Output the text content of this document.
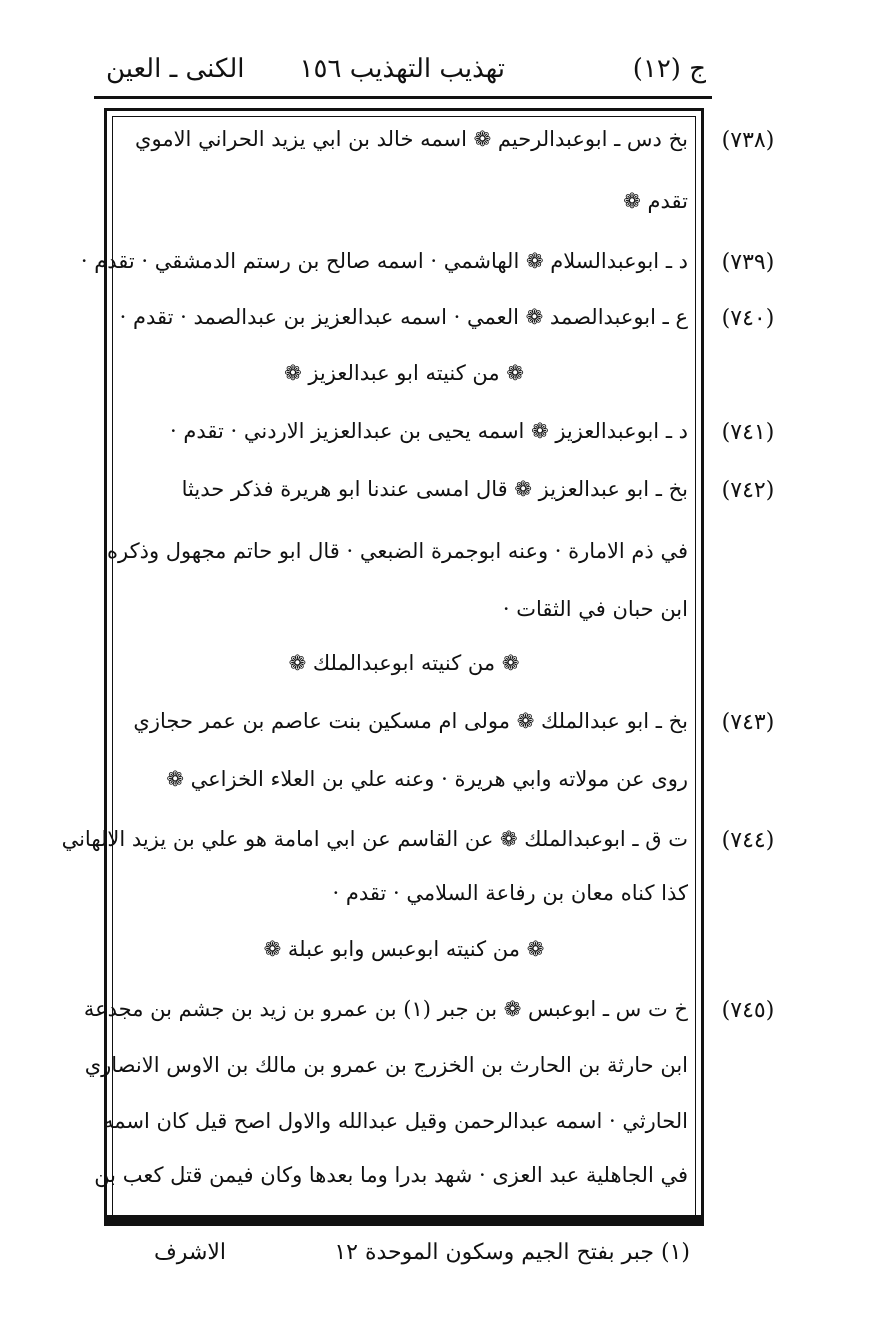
ج (١٢)
تهذيب التهذيب ١٥٦
الكنى ـ العين
(٧٣٨)
بخ دس ـ ابوعبدالرحيم ❁ اسمه خالد بن ابي يزيد الحراني الاموي
تقدم ❁
(٧٣٩)
د ـ ابوعبدالسلام ❁ الهاشمي · اسمه صالح بن رستم الدمشقي · تقدم ·
(٧٤٠)
ع ـ ابوعبدالصمد ❁ العمي · اسمه عبدالعزيز بن عبدالصمد · تقدم ·
❁ من كنيته ابو عبدالعزيز ❁
(٧٤١)
د ـ ابوعبدالعزيز ❁ اسمه يحيى بن عبدالعزيز الاردني · تقدم ·
(٧٤٢)
بخ ـ ابو عبدالعزيز ❁ قال امسى عندنا ابو هريرة فذكر حديثا
في ذم الامارة · وعنه ابوجمرة الضبعي · قال ابو حاتم مجهول وذكره
ابن حبان في الثقات ·
❁ من كنيته ابوعبدالملك ❁
(٧٤٣)
بخ ـ ابو عبدالملك ❁ مولى ام مسكين بنت عاصم بن عمر حجازي
روى عن مولاته وابي هريرة · وعنه علي بن العلاء الخزاعي ❁
(٧٤٤)
ت ق ـ ابوعبدالملك ❁ عن القاسم عن ابي امامة هو علي بن يزيد الالهاني
كذا كناه معان بن رفاعة السلامي · تقدم ·
❁ من كنيته ابوعبس وابو عبلة ❁
(٧٤٥)
خ ت س ـ ابوعبس ❁ بن جبر (١) بن عمرو بن زيد بن جشم بن مجدعة
ابن حارثة بن الحارث بن الخزرج بن عمرو بن مالك بن الاوس الانصاري
الحارثي · اسمه عبدالرحمن وقيل عبدالله والاول اصح قيل كان اسمه
في الجاهلية عبد العزى · شهد بدرا وما بعدها وكان فيمن قتل كعب بن
(١) جبر بفتح الجيم وسكون الموحدة ١٢
الاشرف
